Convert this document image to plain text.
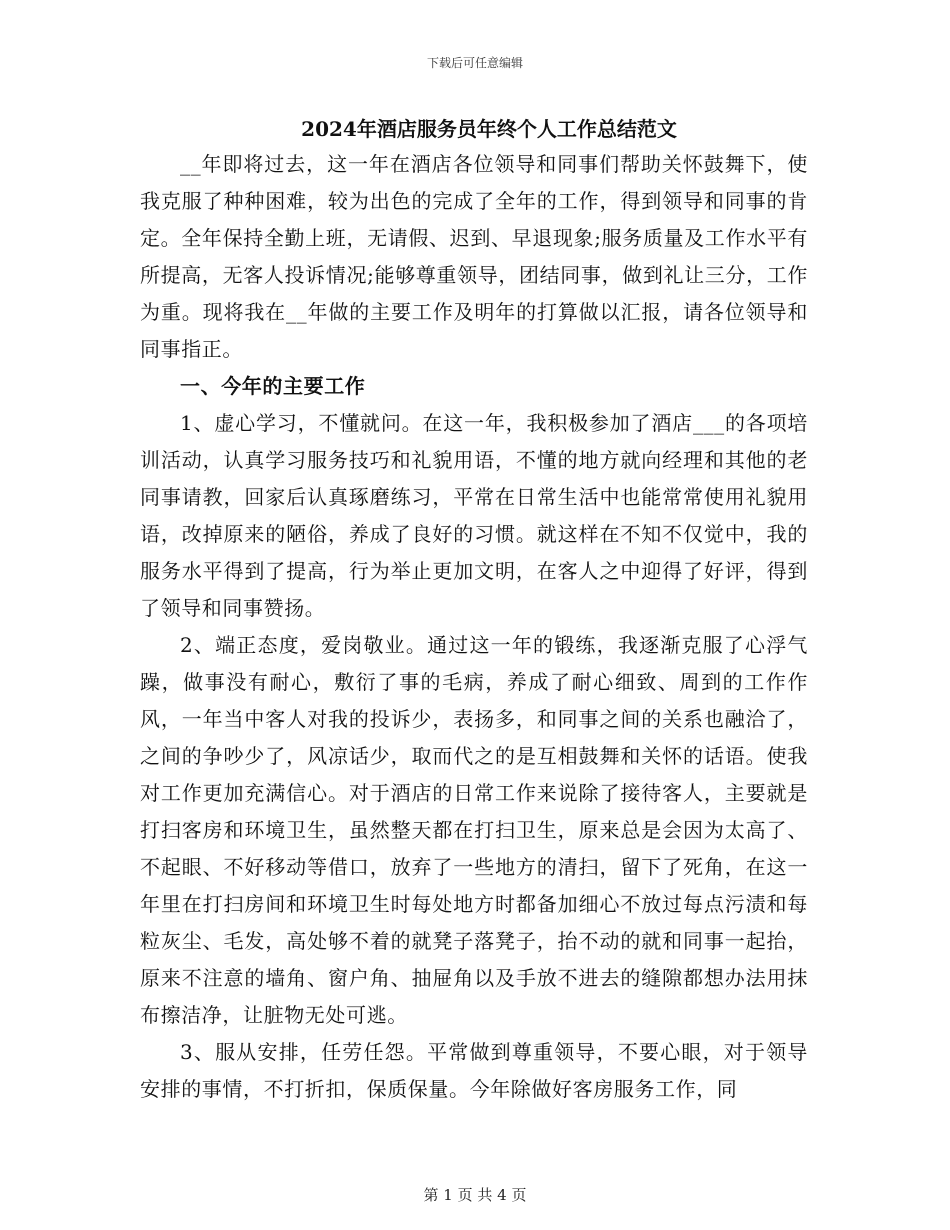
下载后可任意编辑
2024年酒店服务员年终个人工作总结范文

__年即将过去，这一年在酒店各位领导和同事们帮助关怀鼓舞下，使我克服了种种困难，较为出色的完成了全年的工作，得到领导和同事的肯定。全年保持全勤上班，无请假、迟到、早退现象;服务质量及工作水平有所提高，无客人投诉情况;能够尊重领导，团结同事，做到礼让三分，工作为重。现将我在__年做的主要工作及明年的打算做以汇报，请各位领导和同事指正。

一、今年的主要工作

1、虚心学习，不懂就问。在这一年，我积极参加了酒店___的各项培训活动，认真学习服务技巧和礼貌用语，不懂的地方就向经理和其他的老同事请教，回家后认真琢磨练习，平常在日常生活中也能常常使用礼貌用语，改掉原来的陋俗，养成了良好的习惯。就这样在不知不仅觉中，我的服务水平得到了提高，行为举止更加文明，在客人之中迎得了好评，得到了领导和同事赞扬。

2、端正态度，爱岗敬业。通过这一年的锻练，我逐渐克服了心浮气躁，做事没有耐心，敷衍了事的毛病，养成了耐心细致、周到的工作作风，一年当中客人对我的投诉少，表扬多，和同事之间的关系也融洽了，之间的争吵少了，风凉话少，取而代之的是互相鼓舞和关怀的话语。使我对工作更加充满信心。对于酒店的日常工作来说除了接待客人，主要就是打扫客房和环境卫生，虽然整天都在打扫卫生，原来总是会因为太高了、不起眼、不好移动等借口，放弃了一些地方的清扫，留下了死角，在这一年里在打扫房间和环境卫生时每处地方时都备加细心不放过每点污渍和每粒灰尘、毛发，高处够不着的就凳子落凳子，抬不动的就和同事一起抬，原来不注意的墙角、窗户角、抽屉角以及手放不进去的缝隙都想办法用抹布擦洁净，让脏物无处可逃。

3、服从安排，任劳任怨。平常做到尊重领导，不要心眼，对于领导安排的事情，不打折扣，保质保量。今年除做好客房服务工作，同

第 1 页 共 4 页
